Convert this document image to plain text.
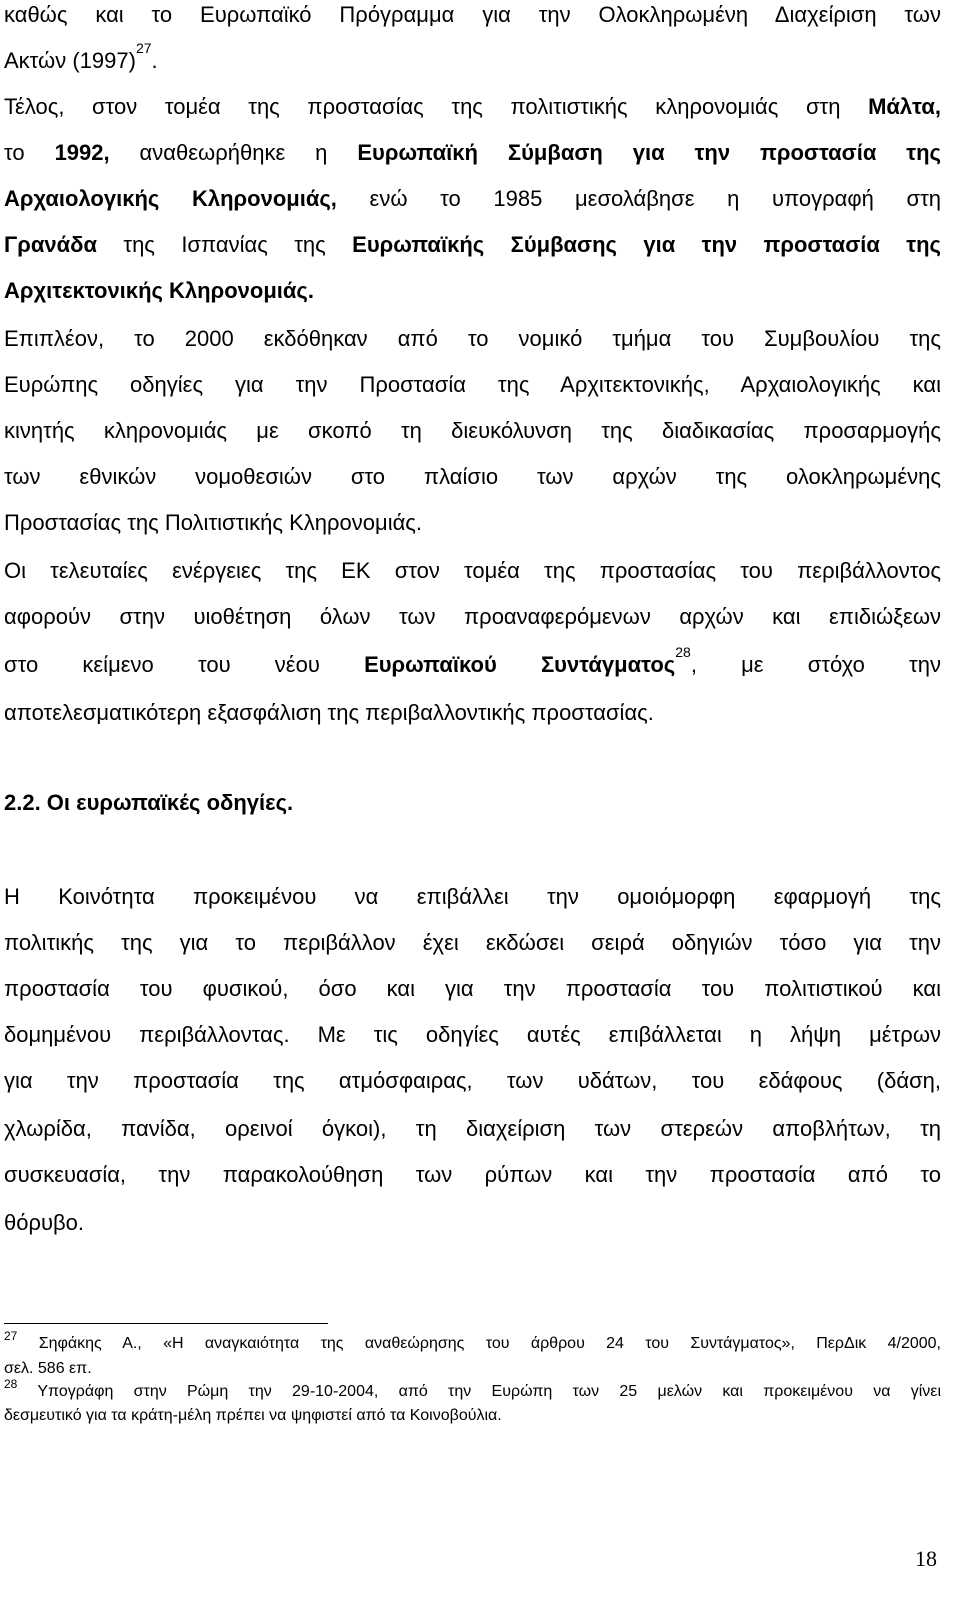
καθώς και το Ευρωπαϊκό Πρόγραμμα για την Ολοκληρωμένη Διαχείριση των
Ακτών $(1997)^{27}$.
Τέλος, στον τομέα της προστασίας της πολιτιστικής κληρονομιάς στη Μάλτα,
το 1992, αναθεωρήθηκε η Ευρωπαϊκή Σύμβαση για την προστασία της
Αρχαιολογικής Κληρονομιάς, ενώ το 1985 μεσολάβησε η υπογραφή στη
Γρανάδα της Ισπανίας της Ευρωπαϊκής Σύμβασης για την προστασία της
Αρχιτεκτονικής Κληρονομιάς.
Επιπλέον, το 2000 εκδόθηκαν από το νομικό τμήμα του Συμβουλίου της
Ευρώπης οδηγίες για την Προστασία της Αρχιτεκτονικής, Αρχαιολογικής και
κινητής κληρονομιάς με σκοπό τη διευκόλυνση της διαδικασίας προσαρμογής
των εθνικών νομοθεσιών στο πλαίσιο των αρχών της ολοκληρωμένης
Προστασίας της Πολιτιστικής Κληρονομιάς.
Οι τελευταίες ενέργειες της ΕΚ στον τομέα της προστασίας του περιβάλλοντος
αφορούν στην υιοθέτηση όλων των προαναφερόμενων αρχών και επιδιώξεων
στο κείμενο του νέου Ευρωπαϊκού Συντάγματος$^{28}$, με στόχο την
αποτελεσματικότερη εξασφάλιση της περιβαλλοντικής προστασίας.
2.2. Οι ευρωπαϊκές οδηγίες.
Η Κοινότητα προκειμένου να επιβάλλει την ομοιόμορφη εφαρμογή της
πολιτικής της για το περιβάλλον έχει εκδώσει σειρά οδηγιών τόσο για την
προστασία του φυσικού, όσο και για την προστασία του πολιτιστικού και
δομημένου περιβάλλοντας. Με τις οδηγίες αυτές επιβάλλεται η λήψη μέτρων
για την προστασία της ατμόσφαιρας, των υδάτων, του εδάφους (δάση,
χλωρίδα, πανίδα, ορεινοί όγκοι), τη διαχείριση των στερεών αποβλήτων, τη
συσκευασία, την παρακολούθηση των ρύπων και την προστασία από το
θόρυβο.
$^{27}$ Σηφάκης Α., «Η αναγκαιότητα της αναθεώρησης του άρθρου 24 του Συντάγματος», ΠερΔικ 4/2000,
σελ. 586 επ.
$^{28}$ Υπογράφη στην Ρώμη την 29-10-2004, από την Ευρώπη των 25 μελών και προκειμένου να γίνει
δεσμευτικό για τα κράτη-μέλη πρέπει να ψηφιστεί από τα Κοινοβούλια.
18
